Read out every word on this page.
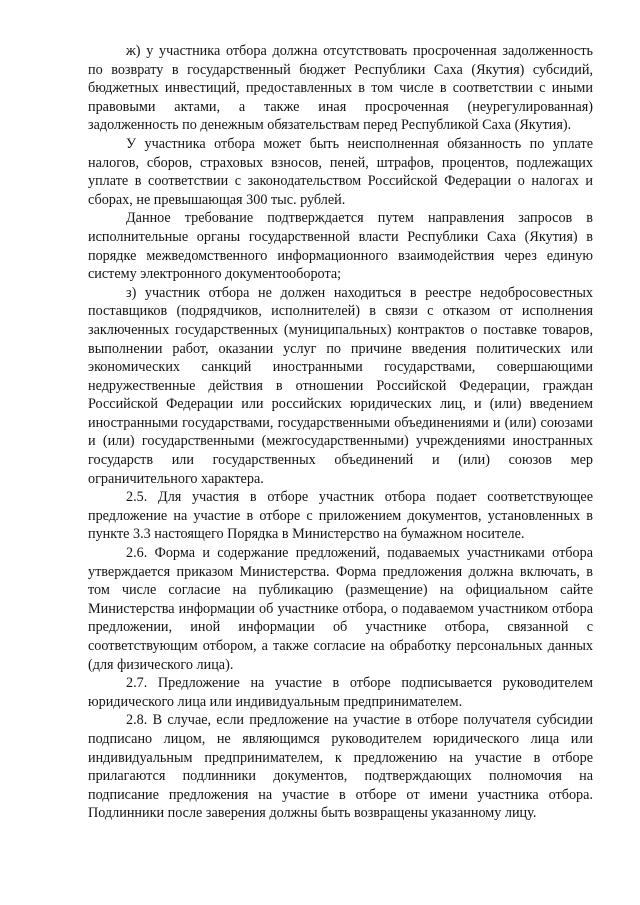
ж) у участника отбора должна отсутствовать просроченная задолженность по возврату в государственный бюджет Республики Саха (Якутия) субсидий, бюджетных инвестиций, предоставленных в том числе в соответствии с иными правовыми актами, а также иная просроченная (неурегулированная) задолженность по денежным обязательствам перед Республикой Саха (Якутия).

У участника отбора может быть неисполненная обязанность по уплате налогов, сборов, страховых взносов, пеней, штрафов, процентов, подлежащих уплате в соответствии с законодательством Российской Федерации о налогах и сборах, не превышающая 300 тыс. рублей.

Данное требование подтверждается путем направления запросов в исполнительные органы государственной власти Республики Саха (Якутия) в порядке межведомственного информационного взаимодействия через единую систему электронного документооборота;

з) участник отбора не должен находиться в реестре недобросовестных поставщиков (подрядчиков, исполнителей) в связи с отказом от исполнения заключенных государственных (муниципальных) контрактов о поставке товаров, выполнении работ, оказании услуг по причине введения политических или экономических санкций иностранными государствами, совершающими недружественные действия в отношении Российской Федерации, граждан Российской Федерации или российских юридических лиц, и (или) введением иностранными государствами, государственными объединениями и (или) союзами и (или) государственными (межгосударственными) учреждениями иностранных государств или государственных объединений и (или) союзов мер ограничительного характера.

2.5. Для участия в отборе участник отбора подает соответствующее предложение на участие в отборе с приложением документов, установленных в пункте 3.3 настоящего Порядка в Министерство на бумажном носителе.

2.6. Форма и содержание предложений, подаваемых участниками отбора утверждается приказом Министерства. Форма предложения должна включать, в том числе согласие на публикацию (размещение) на официальном сайте Министерства информации об участнике отбора, о подаваемом участником отбора предложении, иной информации об участнике отбора, связанной с соответствующим отбором, а также согласие на обработку персональных данных (для физического лица).

2.7. Предложение на участие в отборе подписывается руководителем юридического лица или индивидуальным предпринимателем.

2.8. В случае, если предложение на участие в отборе получателя субсидии подписано лицом, не являющимся руководителем юридического лица или индивидуальным предпринимателем, к предложению на участие в отборе прилагаются подлинники документов, подтверждающих полномочия на подписание предложения на участие в отборе от имени участника отбора. Подлинники после заверения должны быть возвращены указанному лицу.
